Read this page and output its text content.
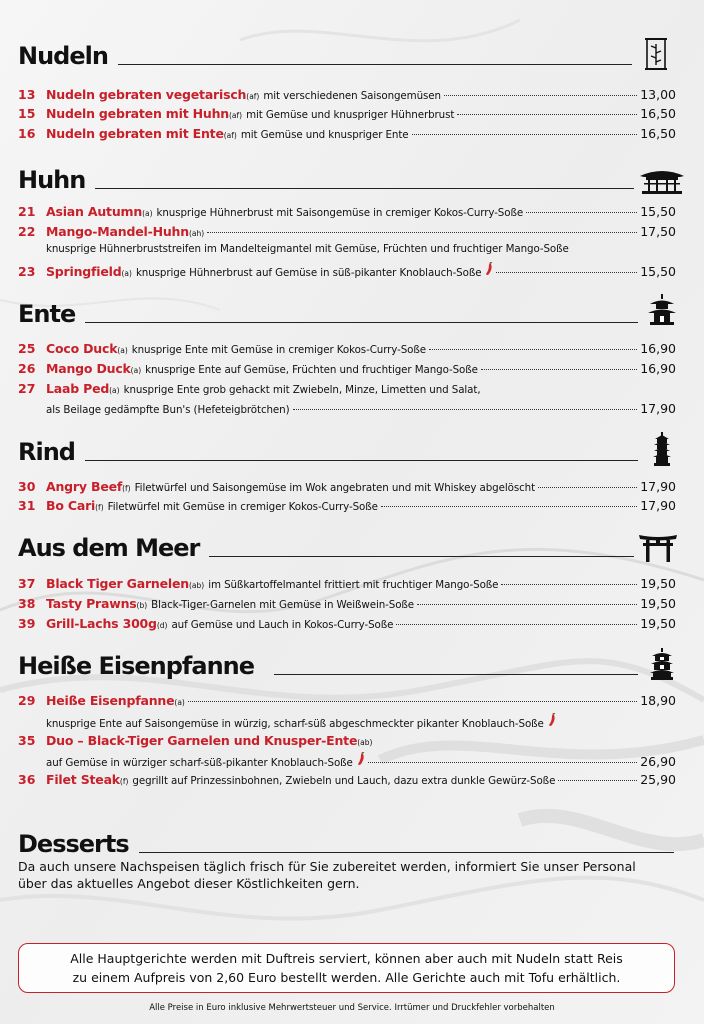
Nudeln
13 Nudeln gebraten vegetarisch (af) mit verschiedenen Saisongemüsen	13,00
15 Nudeln gebraten mit Huhn (af) mit Gemüse und knuspriger Hühnerbrust	16,50
16 Nudeln gebraten mit Ente (af) mit Gemüse und knuspriger Ente	16,50
Huhn
21 Asian Autumn (a) knusprige Hühnerbrust mit Saisongemüse in cremiger Kokos-Curry-Soße	15,50
22 Mango-Mandel-Huhn (ah)	17,50
knusprige Hühnerbruststreifen im Mandelteigmantel mit Gemüse, Früchten und fruchtiger Mango-Soße
23 Springfield (a) knusprige Hühnerbrust auf Gemüse in süß-pikanter Knoblauch-Soße	15,50
Ente
25 Coco Duck (a) knusprige Ente mit Gemüse in cremiger Kokos-Curry-Soße	16,90
26 Mango Duck (a) knusprige Ente auf Gemüse, Früchten und fruchtiger Mango-Soße	16,90
27 Laab Ped (a) knusprige Ente grob gehackt mit Zwiebeln, Minze, Limetten und Salat,
als Beilage gedämpfte Bun's (Hefeteigbrötchen)	17,90
Rind
30 Angry Beef (f) Filetwürfel und Saisongemüse im Wok angebraten und mit Whiskey abgelöscht	17,90
31 Bo Cari (f) Filetwürfel mit Gemüse in cremiger Kokos-Curry-Soße	17,90
Aus dem Meer
37 Black Tiger Garnelen (ab) im Süßkartoffelmantel frittiert mit fruchtiger Mango-Soße	19,50
38 Tasty Prawns (b) Black-Tiger-Garnelen mit Gemüse in Weißwein-Soße	19,50
39 Grill-Lachs 300g (d) auf Gemüse und Lauch in Kokos-Curry-Soße	19,50
Heiße Eisenpfanne
29 Heiße Eisenpfanne (a)	18,90
knusprige Ente auf Saisongemüse in würzig, scharf-süß abgeschmeckter pikanter Knoblauch-Soße
35 Duo – Black-Tiger Garnelen und Knusper-Ente (ab)
auf Gemüse in würziger scharf-süß-pikanter Knoblauch-Soße	26,90
36 Filet Steak (f) gegrillt auf Prinzessinbohnen, Zwiebeln und Lauch, dazu extra dunkle Gewürz-Soße	25,90
Desserts
Da auch unsere Nachspeisen täglich frisch für Sie zubereitet werden, informiert Sie unser Personal über das aktuelles Angebot dieser Köstlichkeiten gern.
Alle Hauptgerichte werden mit Duftreis serviert, können aber auch mit Nudeln statt Reis
zu einem Aufpreis von 2,60 Euro bestellt werden. Alle Gerichte auch mit Tofu erhältlich.
Alle Preise in Euro inklusive Mehrwertsteuer und Service. Irrtümer und Druckfehler vorbehalten
